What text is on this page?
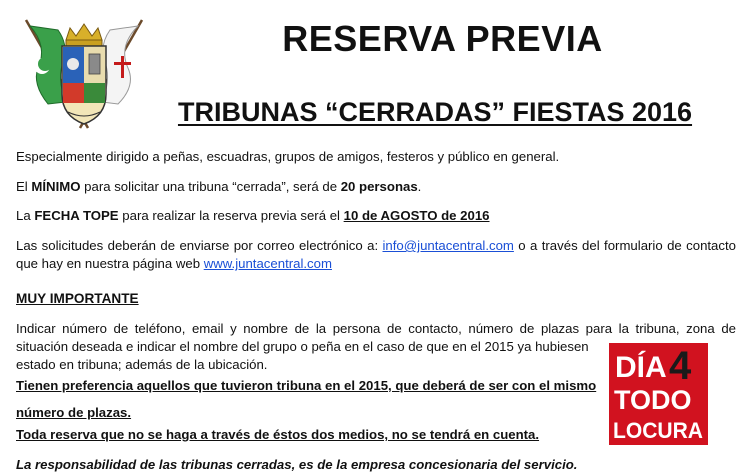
RESERVA PREVIA
TRIBUNAS “CERRADAS” FIESTAS 2016

Especialmente dirigido a peñas, escuadras, grupos de amigos, festeros y público en general.

El MÍNIMO para solicitar una tribuna “cerrada”, será de 20 personas.

La FECHA TOPE para realizar la reserva previa será el 10 de AGOSTO de 2016

Las solicitudes deberán de enviarse por correo electrónico a: info@juntacentral.com o a través del formulario de contacto que hay en nuestra página web www.juntacentral.com

MUY IMPORTANTE

Indicar número de teléfono, email y nombre de la persona de contacto, número de plazas para la tribuna, zona de
situación deseada e indicar el nombre del grupo o peña en el caso de que en el 2015 ya hubiesen
estado en tribuna; además de la ubicación.

Tienen preferencia aquellos que tuvieron tribuna en el 2015, que deberá de ser con el mismo

número de plazas.

Toda reserva que no se haga a través de éstos dos medios, no se tendrá en cuenta.

La responsabilidad de las tribunas cerradas, es de la empresa concesionaria del servicio.

DÍA 4
TODO
LOCURA
